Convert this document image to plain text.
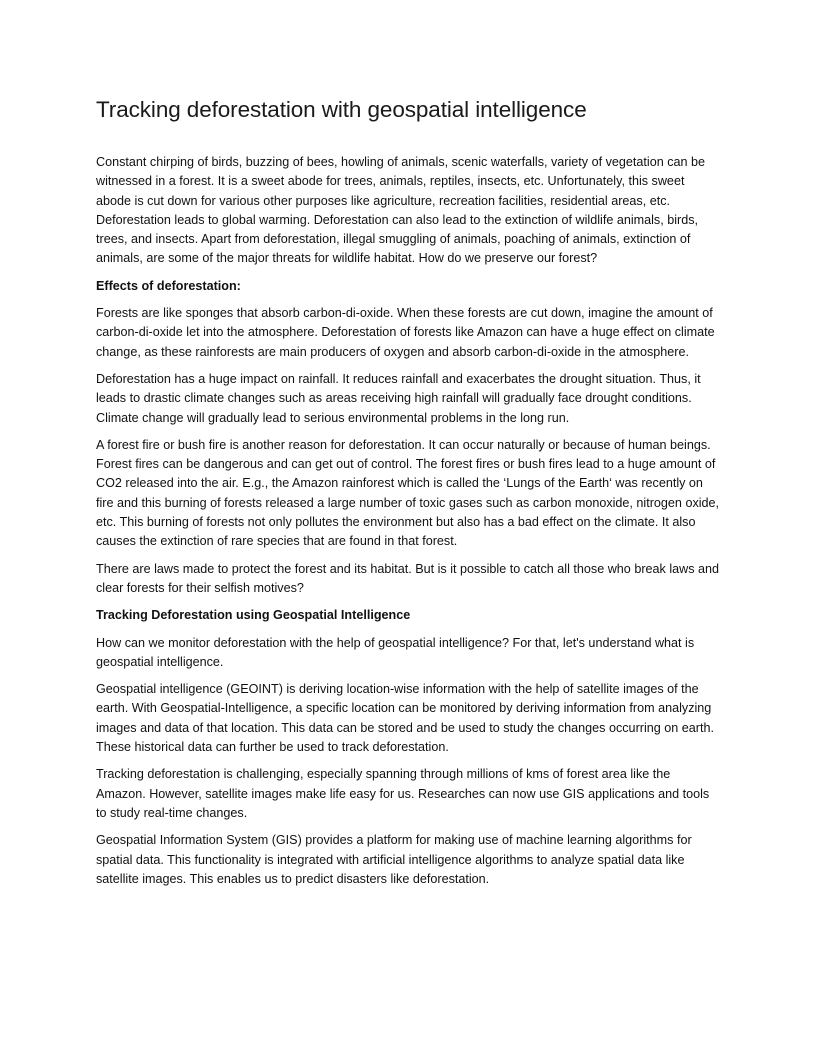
Tracking deforestation with geospatial intelligence

Constant chirping of birds, buzzing of bees, howling of animals, scenic waterfalls, variety of vegetation can be witnessed in a forest. It is a sweet abode for trees, animals, reptiles, insects, etc. Unfortunately, this sweet abode is cut down for various other purposes like agriculture, recreation facilities, residential areas, etc. Deforestation leads to global warming. Deforestation can also lead to the extinction of wildlife animals, birds, trees, and insects. Apart from deforestation, illegal smuggling of animals, poaching of animals, extinction of animals, are some of the major threats for wildlife habitat. How do we preserve our forest?

Effects of deforestation:

Forests are like sponges that absorb carbon-di-oxide. When these forests are cut down, imagine the amount of carbon-di-oxide let into the atmosphere. Deforestation of forests like Amazon can have a huge effect on climate change, as these rainforests are main producers of oxygen and absorb carbon-di-oxide in the atmosphere.

Deforestation has a huge impact on rainfall. It reduces rainfall and exacerbates the drought situation. Thus, it leads to drastic climate changes such as areas receiving high rainfall will gradually face drought conditions. Climate change will gradually lead to serious environmental problems in the long run.

A forest fire or bush fire is another reason for deforestation. It can occur naturally or because of human beings. Forest fires can be dangerous and can get out of control. The forest fires or bush fires lead to a huge amount of CO2 released into the air. E.g., the Amazon rainforest which is called the ‘Lungs of the Earth‘ was recently on fire and this burning of forests released a large number of toxic gases such as carbon monoxide, nitrogen oxide, etc. This burning of forests not only pollutes the environment but also has a bad effect on the climate. It also causes the extinction of rare species that are found in that forest.

There are laws made to protect the forest and its habitat. But is it possible to catch all those who break laws and clear forests for their selfish motives?

Tracking Deforestation using Geospatial Intelligence

How can we monitor deforestation with the help of geospatial intelligence? For that, let's understand what is geospatial intelligence.

Geospatial intelligence (GEOINT) is deriving location-wise information with the help of satellite images of the earth. With Geospatial-Intelligence, a specific location can be monitored by deriving information from analyzing images and data of that location. This data can be stored and be used to study the changes occurring on earth. These historical data can further be used to track deforestation.

Tracking deforestation is challenging, especially spanning through millions of kms of forest area like the Amazon. However, satellite images make life easy for us. Researches can now use GIS applications and tools to study real-time changes.

Geospatial Information System (GIS) provides a platform for making use of machine learning algorithms for spatial data. This functionality is integrated with artificial intelligence algorithms to analyze spatial data like satellite images. This enables us to predict disasters like deforestation.
